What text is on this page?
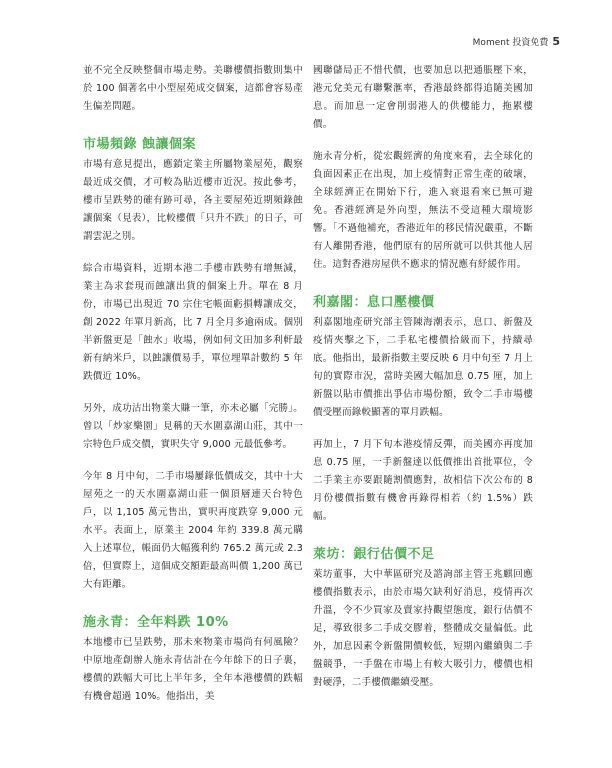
Moment 投資免費 5

並不完全反映整個市場走勢。美聯樓價指數則集中於 100 個著名中小型屋苑成交個案，這都會容易產生偏差問題。

市場頻錄 蝕讓個案

市場有意見提出，應鎖定業主所屬物業屋苑，觀察最近成交價，才可較為貼近樓市近況。按此參考，樓市呈跌勢的確有跡可尋，各主要屋苑近期頻錄蝕讓個案（見表），比較樓價「只升不跌」的日子，可謂雲泥之別。

綜合市場資料，近期本港二手樓市跌勢有增無減，業主為求套現而蝕讓出貨的個案上升。單在 8 月份，市場已出現近 70 宗住宅帳面虧損轉讓成交，創 2022 年單月新高，比 7 月全月多逾兩成。個別半新盤更是「蝕水」收場，例如何文田加多利軒最新有納米戶，以蝕讓價易手，單位埋單計數約 5 年跌價近 10%。

另外，成功沽出物業大賺一筆，亦未必屬「完勝」。曾以「炒家樂園」見稱的天水圍嘉湖山莊，其中一宗特色戶成交價，實呎失守 9,000 元最低參考。

今年 8 月中旬，二手市場屢錄低價成交，其中十大屋苑之一的天水圍嘉湖山莊一個頂層連天台特色戶，以 1,105 萬元售出，實呎再度跌穿 9,000 元水平。表面上，原業主 2004 年約 339.8 萬元購入上述單位，帳面仍大幅獲利約 765.2 萬元或 2.3 倍，但實際上，這個成交額距最高叫價 1,200 萬已大有距離。

施永青：全年料跌 10%

本地樓市已呈跌勢，那未來物業市場尚有何風險？ 中原地產創辦人施永青估計在今年餘下的日子裏，樓價的跌幅大可比上半年多，全年本港樓價的跌幅有機會超過 10%。他指出，美

國聯儲局正不惜代價，也要加息以把通脹壓下來，港元兌美元有聯繫滙率，香港最終都得追隨美國加息。而加息一定會削弱港人的供樓能力，拖累樓價。

施永青分析，從宏觀經濟的角度來看，去全球化的負面因素正在出現，加上疫情對正常生產的破壞，全球經濟正在開始下行，進入衰退看來已無可避免。香港經濟是外向型，無法不受這種大環境影響。「不過他補充，香港近年的移民情況嚴重，不斷有人離開香港，他們原有的居所就可以供其他人居住。這對香港房屋供不應求的情況應有紓緩作用。

利嘉閣：息口壓樓價

利嘉閣地產研究部主管陳海潮表示，息口、新盤及疫情夾擊之下，二手私宅樓價拾級而下，持續尋底。他指出，最新指數主要反映 6 月中旬至 7 月上旬的實際市況，當時美國大幅加息 0.75 厘，加上新盤以貼市價推出爭佔市場份額，致令二手市場樓價受壓而錄較顯著的單月跌幅。

再加上，7 月下旬本港疫情反彈，而美國亦再度加息 0.75 厘，一手新盤達以低價推出首批單位，令二手業主亦要跟隨割價應對，故相信下次公布的 8 月份樓價指數有機會再錄得相若（約 1.5%）跌幅。

萊坊：銀行估價不足

萊坊董事，大中華區研究及諮詢部主管王兆麒回應樓價指數表示，由於市場欠缺利好消息，疫情再次升溫，令不少買家及賣家持觀望態度，銀行估價不足，導致很多二手成交膠着，整體成交量偏低。此外，加息因素令新盤開價較低，短期內繼續與二手盤競爭，一手盤在市場上有較大吸引力，樓價也相對硬淨，二手樓價繼續受壓。
